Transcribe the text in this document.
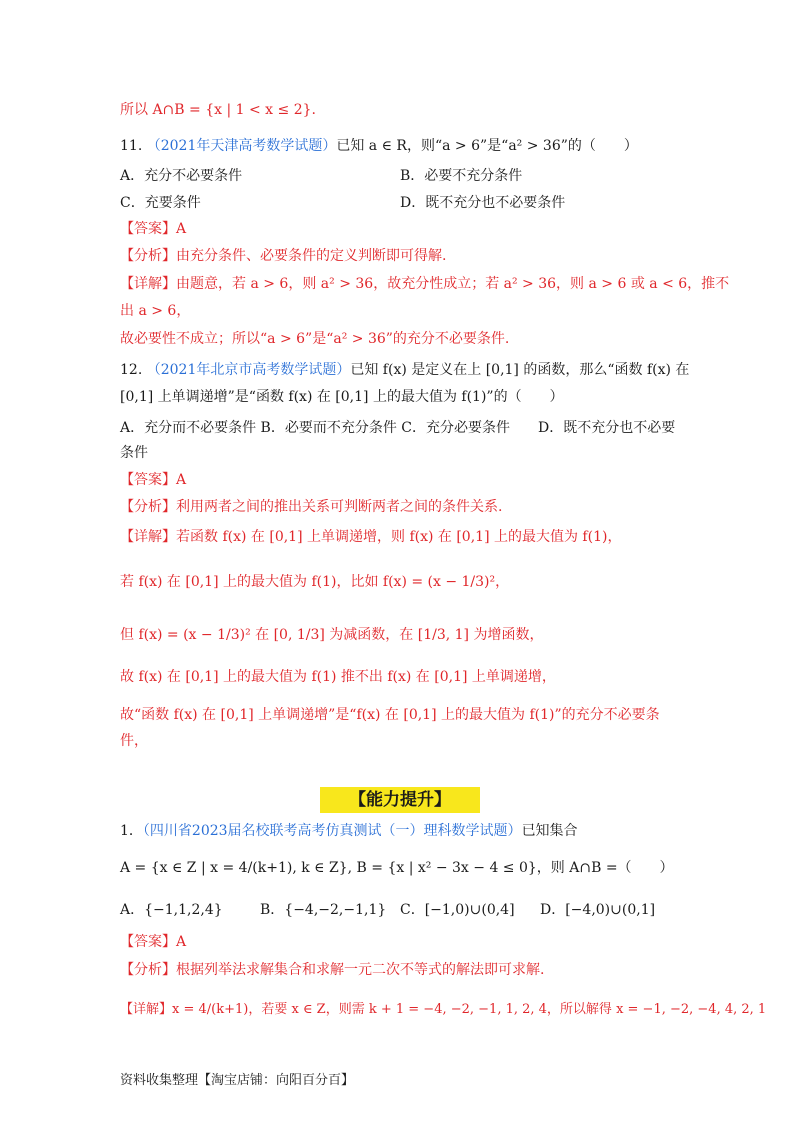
所以 A∩B = {x | 1 < x ≤ 2}.
11. （2021年天津高考数学试题）已知 a ∈ R，则“a > 6”是“a² > 36”的（　　）
A．充分不必要条件	B．必要不充分条件
C．充要条件	D．既不充分也不必要条件
【答案】A
【分析】由充分条件、必要条件的定义判断即可得解.
【详解】由题意，若 a > 6，则 a² > 36，故充分性成立；若 a² > 36，则 a > 6 或 a < 6，推不
出 a > 6，
故必要性不成立；所以“a > 6”是“a² > 36”的充分不必要条件.
12. （2021年北京市高考数学试题）已知 f(x) 是定义在上 [0,1] 的函数，那么“函数 f(x) 在
[0,1] 上单调递增”是“函数 f(x) 在 [0,1] 上的最大值为 f(1)”的（　　）
A．充分而不必要条件 B．必要而不充分条件 C．充分必要条件　　D．既不充分也不必要
条件
【答案】A
【分析】利用两者之间的推出关系可判断两者之间的条件关系.
【详解】若函数 f(x) 在 [0,1] 上单调递增，则 f(x) 在 [0,1] 上的最大值为 f(1)，
若 f(x) 在 [0,1] 上的最大值为 f(1)，比如 f(x) = (x − 1/3)²，
但 f(x) = (x − 1/3)² 在 [0, 1/3] 为减函数，在 [1/3, 1] 为增函数，
故 f(x) 在 [0,1] 上的最大值为 f(1) 推不出 f(x) 在 [0,1] 上单调递增，
故“函数 f(x) 在 [0,1] 上单调递增”是“f(x) 在 [0,1] 上的最大值为 f(1)”的充分不必要条
件，
【能力提升】
1．（四川省2023届名校联考高考仿真测试（一）理科数学试题）已知集合
A = {x ∈ Z | x = 4/(k+1), k ∈ Z}, B = {x | x² − 3x − 4 ≤ 0}，则 A∩B =（　　）
A．{−1,1,2,4}	B．{−4,−2,−1,1} C．[−1,0)∪(0,4] D．[−4,0)∪(0,1]
【答案】A
【分析】根据列举法求解集合和求解一元二次不等式的解法即可求解.
【详解】x = 4/(k+1)，若要 x ∈ Z，则需 k + 1 = −4, −2, −1, 1, 2, 4，所以解得 x = −1, −2, −4, 4, 2, 1
资料收集整理【淘宝店铺：向阳百分百】
